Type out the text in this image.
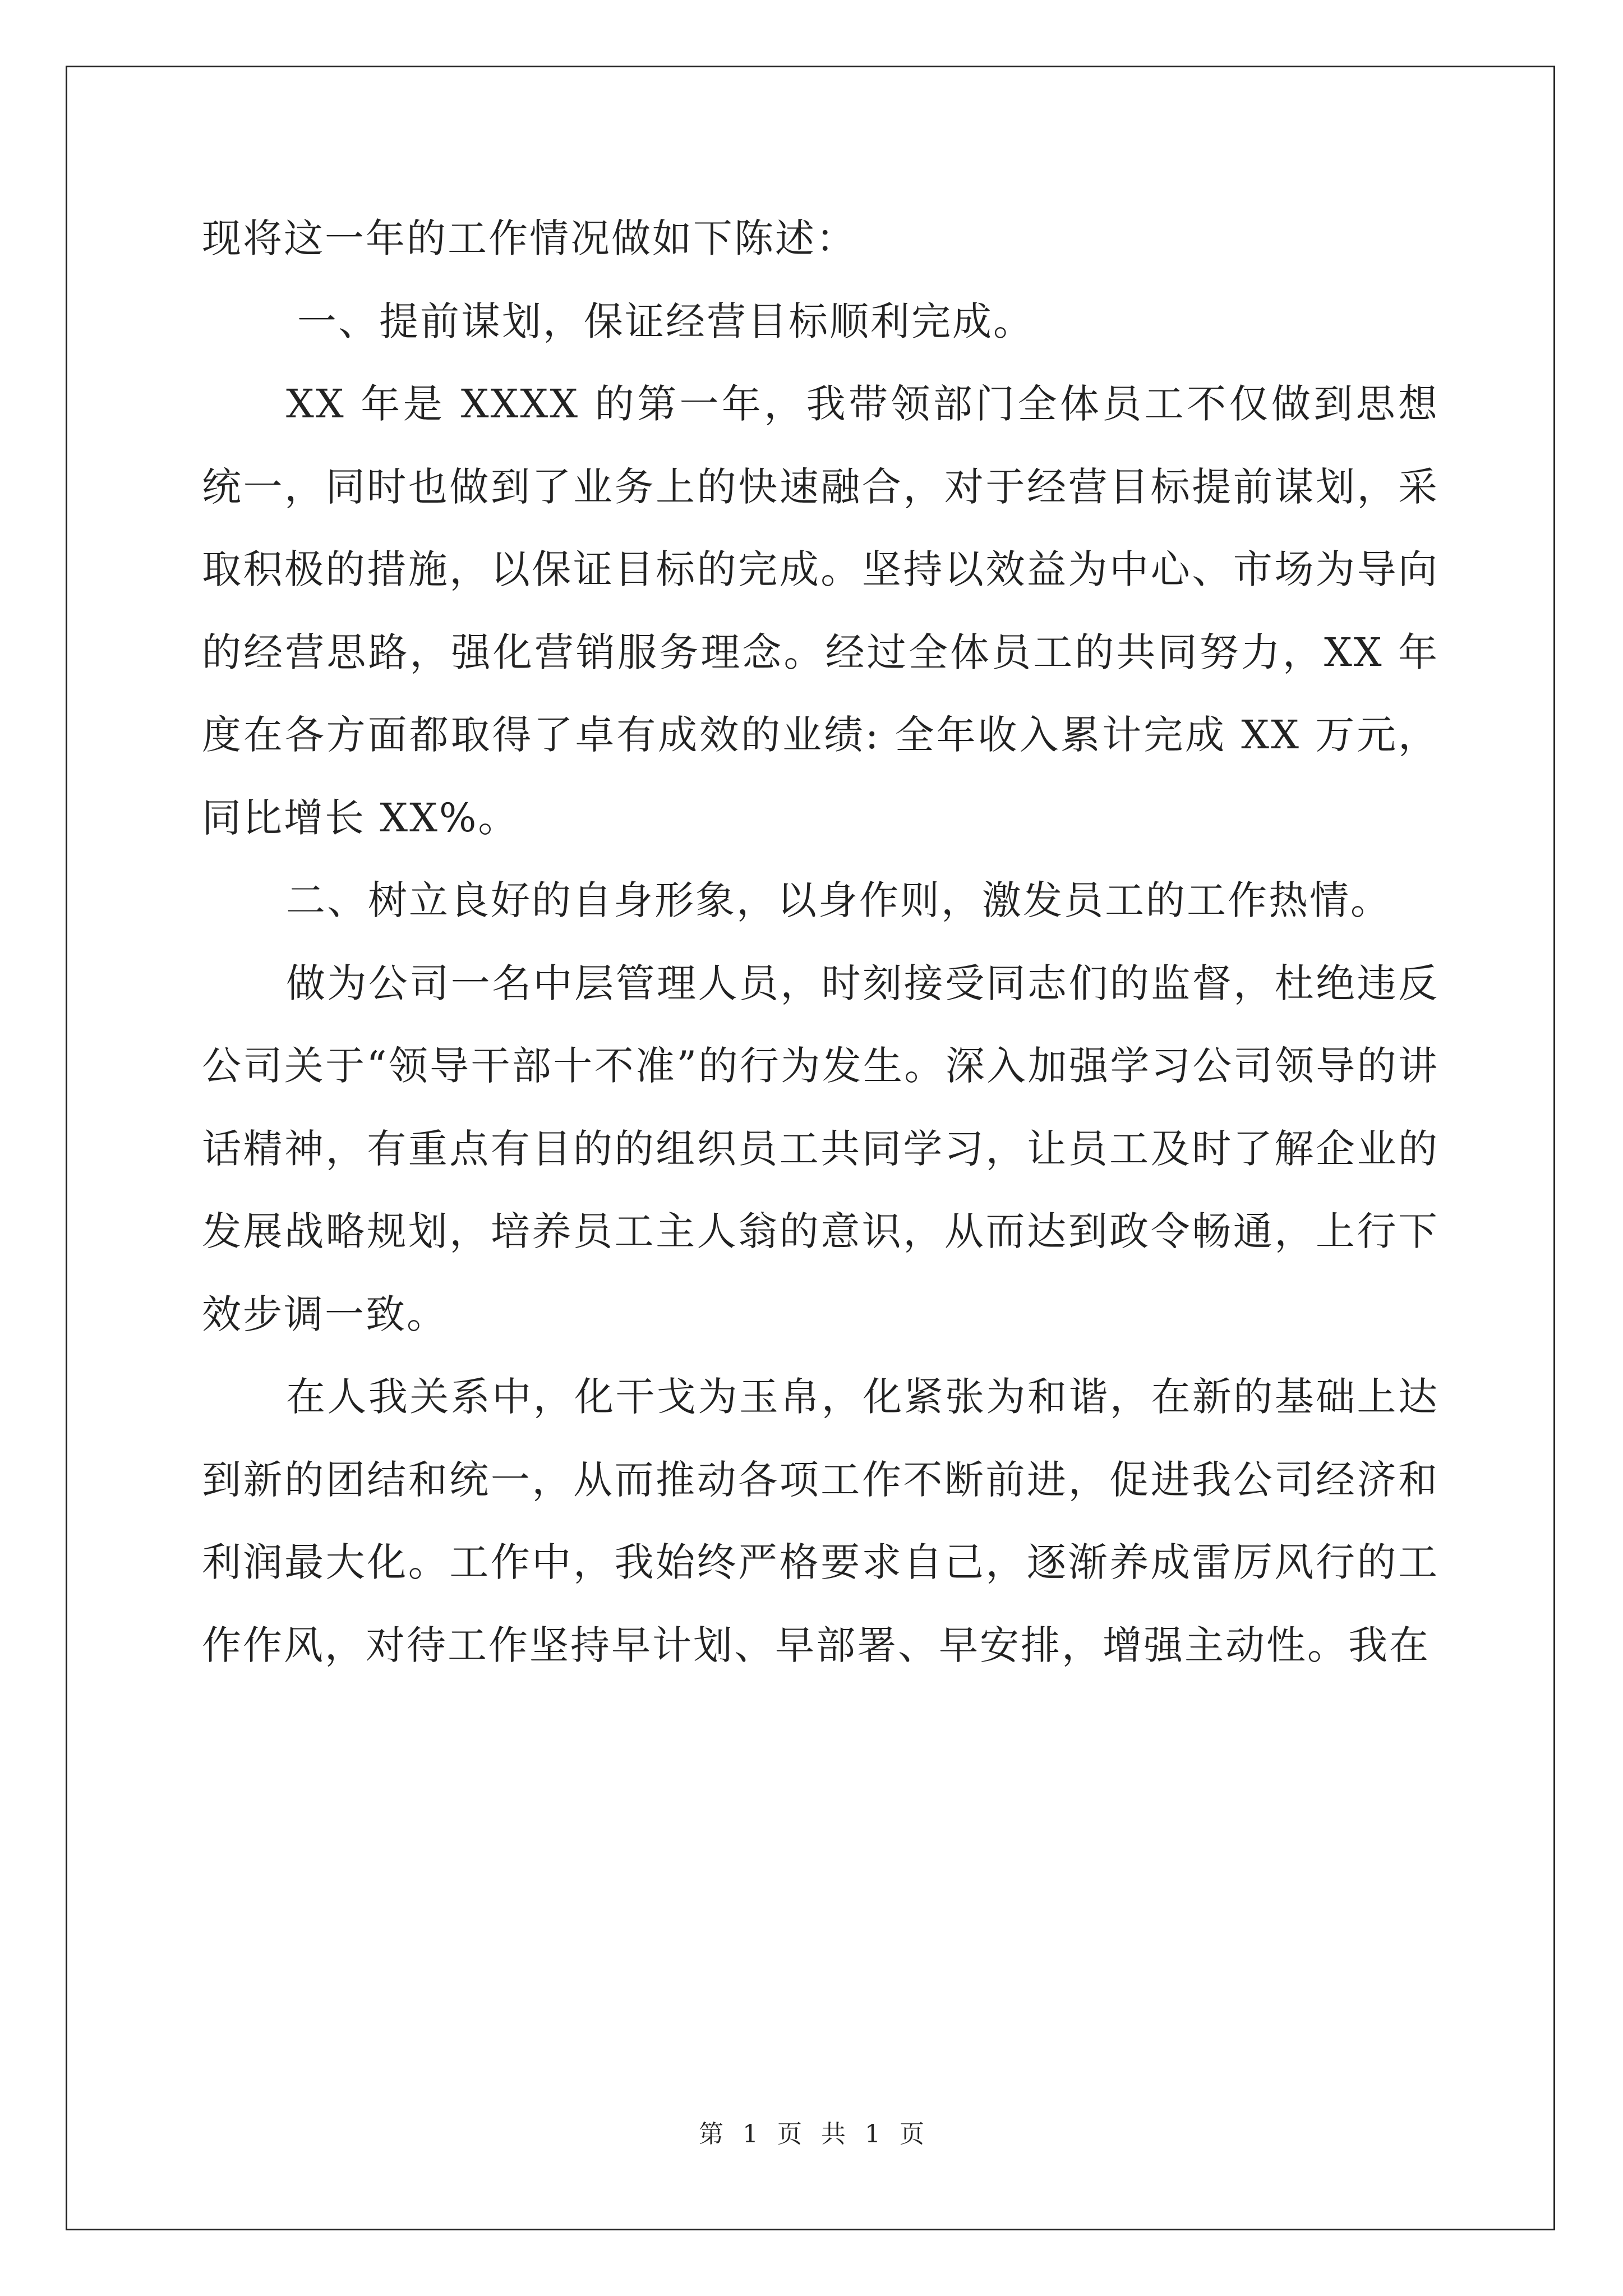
现将这一年的工作情况做如下陈述：

一、提前谋划，保证经营目标顺利完成。

XX 年是 XXXX 的第一年，我带领部门全体员工不仅做到思想统一，同时也做到了业务上的快速融合，对于经营目标提前谋划，采取积极的措施，以保证目标的完成。坚持以效益为中心、市场为导向的经营思路，强化营销服务理念。经过全体员工的共同努力，XX 年度在各方面都取得了卓有成效的业绩: 全年收入累计完成 XX 万元，同比增长 XX%。

二、树立良好的自身形象，以身作则，激发员工的工作热情。

做为公司一名中层管理人员，时刻接受同志们的监督，杜绝违反公司关于“领导干部十不准”的行为发生。深入加强学习公司领导的讲话精神，有重点有目的的组织员工共同学习，让员工及时了解企业的发展战略规划，培养员工主人翁的意识，从而达到政令畅通，上行下效步调一致。

在人我关系中，化干戈为玉帛，化紧张为和谐，在新的基础上达到新的团结和统一，从而推动各项工作不断前进，促进我公司经济和利润最大化。工作中，我始终严格要求自己，逐渐养成雷厉风行的工作作风，对待工作坚持早计划、早部署、早安排，增强主动性。我在

第 1 页 共 1 页
